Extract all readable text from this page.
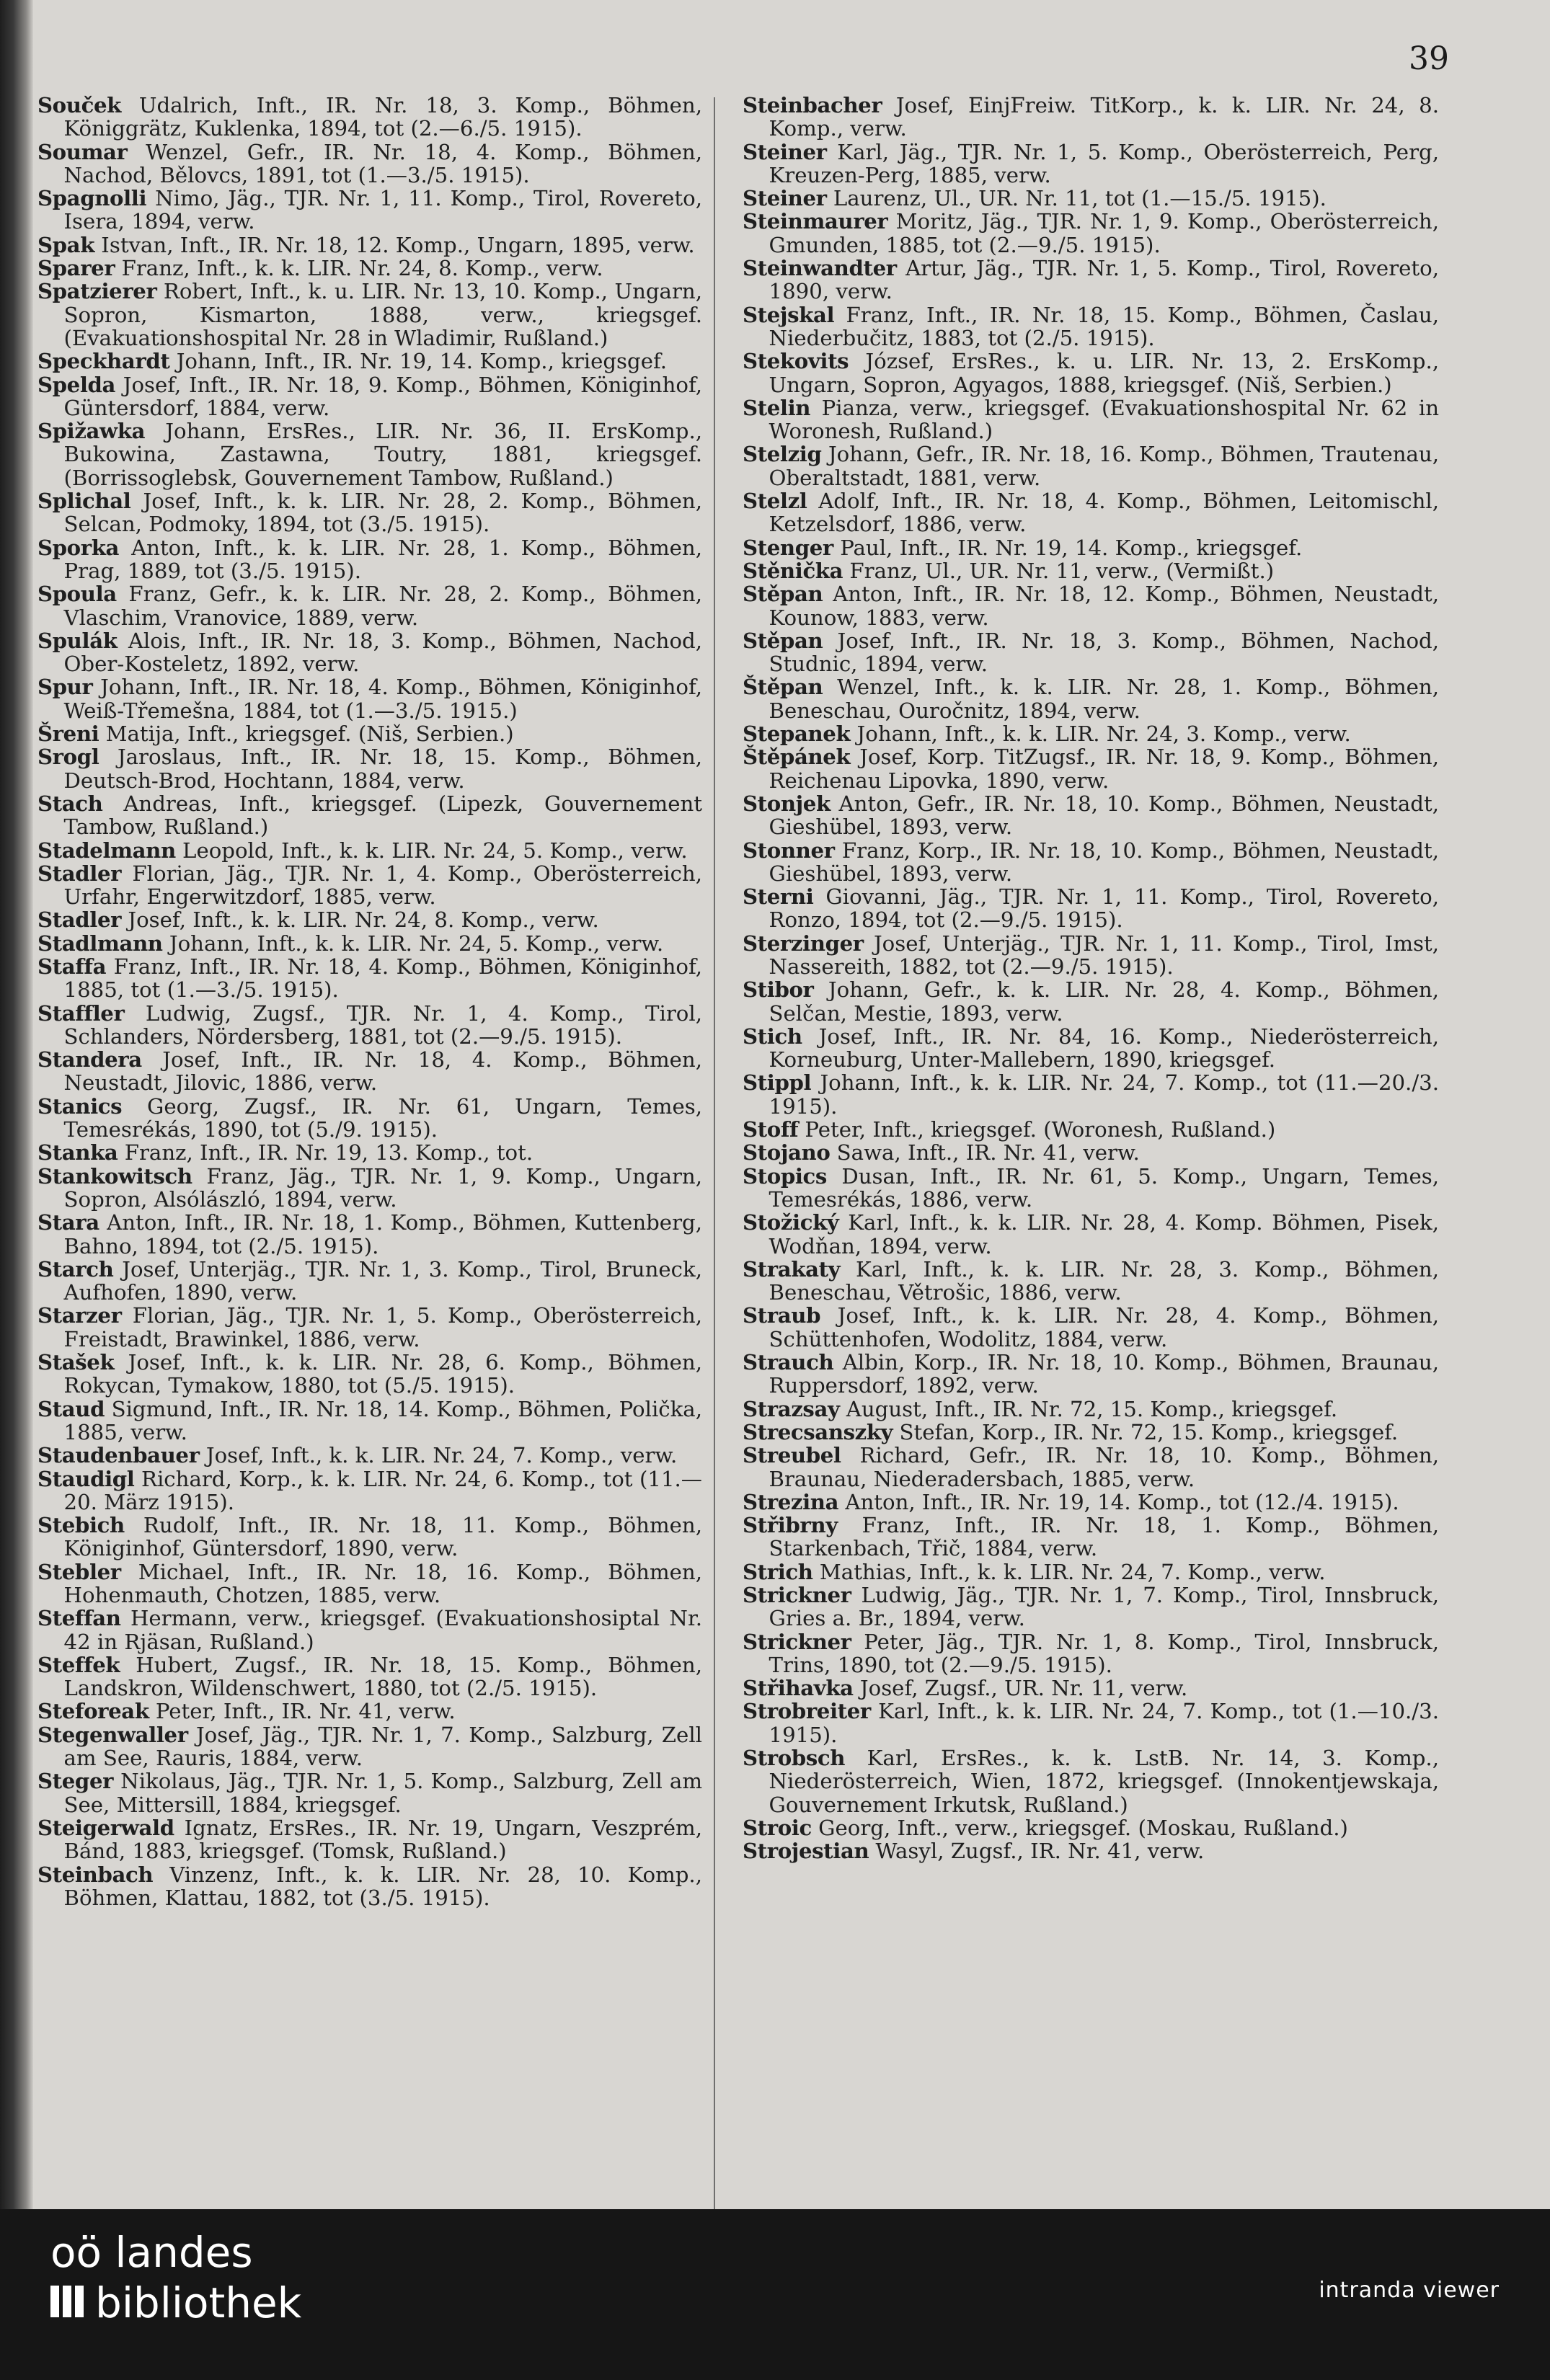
39
Souček Udalrich, Inft., IR. Nr. 18, 3. Komp., Böhmen, Königgrätz, Kuklenka, 1894, tot (2.—6./5. 1915).
Soumar Wenzel, Gefr., IR. Nr. 18, 4. Komp., Böhmen, Nachod, Bělovcs, 1891, tot (1.—3./5. 1915).
Spagnolli Nimo, Jäg., TJR. Nr. 1, 11. Komp., Tirol, Rovereto, Isera, 1894, verw.
Spak Istvan, Inft., IR. Nr. 18, 12. Komp., Ungarn, 1895, verw.
Sparer Franz, Inft., k. k. LIR. Nr. 24, 8. Komp., verw.
Spatzierer Robert, Inft., k. u. LIR. Nr. 13, 10. Komp., Ungarn, Sopron, Kismarton, 1888, verw., kriegsgef. (Evakuationshospital Nr. 28 in Wladimir, Rußland.)
Speckhardt Johann, Inft., IR. Nr. 19, 14. Komp., kriegsgef.
Spelda Josef, Inft., IR. Nr. 18, 9. Komp., Böhmen, Königinhof, Güntersdorf, 1884, verw.
Spižawka Johann, ErsRes., LIR. Nr. 36, II. ErsKomp., Bukowina, Zastawna, Toutry, 1881, kriegsgef. (Borrissoglebsk, Gouvernement Tambow, Rußland.)
Splichal Josef, Inft., k. k. LIR. Nr. 28, 2. Komp., Böhmen, Selcan, Podmoky, 1894, tot (3./5. 1915).
Sporka Anton, Inft., k. k. LIR. Nr. 28, 1. Komp., Böhmen, Prag, 1889, tot (3./5. 1915).
Spoula Franz, Gefr., k. k. LIR. Nr. 28, 2. Komp., Böhmen, Vlaschim, Vranovice, 1889, verw.
Spulák Alois, Inft., IR. Nr. 18, 3. Komp., Böhmen, Nachod, Ober-Kosteletz, 1892, verw.
Spur Johann, Inft., IR. Nr. 18, 4. Komp., Böhmen, Königinhof, Weiß-Třemešna, 1884, tot (1.—3./5. 1915.)
Šreni Matija, Inft., kriegsgef. (Niš, Serbien.)
Srogl Jaroslaus, Inft., IR. Nr. 18, 15. Komp., Böhmen, Deutsch-Brod, Hochtann, 1884, verw.
Stach Andreas, Inft., kriegsgef. (Lipezk, Gouvernement Tambow, Rußland.)
Stadelmann Leopold, Inft., k. k. LIR. Nr. 24, 5. Komp., verw.
Stadler Florian, Jäg., TJR. Nr. 1, 4. Komp., Oberösterreich, Urfahr, Engerwitzdorf, 1885, verw.
Stadler Josef, Inft., k. k. LIR. Nr. 24, 8. Komp., verw.
Stadlmann Johann, Inft., k. k. LIR. Nr. 24, 5. Komp., verw.
Staffa Franz, Inft., IR. Nr. 18, 4. Komp., Böhmen, Königinhof, 1885, tot (1.—3./5. 1915).
Staffler Ludwig, Zugsf., TJR. Nr. 1, 4. Komp., Tirol, Schlanders, Nördersberg, 1881, tot (2.—9./5. 1915).
Standera Josef, Inft., IR. Nr. 18, 4. Komp., Böhmen, Neustadt, Jilovic, 1886, verw.
Stanics Georg, Zugsf., IR. Nr. 61, Ungarn, Temes, Temesrékás, 1890, tot (5./9. 1915).
Stanka Franz, Inft., IR. Nr. 19, 13. Komp., tot.
Stankowitsch Franz, Jäg., TJR. Nr. 1, 9. Komp., Ungarn, Sopron, Alsólászló, 1894, verw.
Stara Anton, Inft., IR. Nr. 18, 1. Komp., Böhmen, Kuttenberg, Bahno, 1894, tot (2./5. 1915).
Starch Josef, Unterjäg., TJR. Nr. 1, 3. Komp., Tirol, Bruneck, Aufhofen, 1890, verw.
Starzer Florian, Jäg., TJR. Nr. 1, 5. Komp., Oberösterreich, Freistadt, Brawinkel, 1886, verw.
Stašek Josef, Inft., k. k. LIR. Nr. 28, 6. Komp., Böhmen, Rokycan, Tymakow, 1880, tot (5./5. 1915).
Staud Sigmund, Inft., IR. Nr. 18, 14. Komp., Böhmen, Polička, 1885, verw.
Staudenbauer Josef, Inft., k. k. LIR. Nr. 24, 7. Komp., verw.
Staudigl Richard, Korp., k. k. LIR. Nr. 24, 6. Komp., tot (11.—20. März 1915).
Stebich Rudolf, Inft., IR. Nr. 18, 11. Komp., Böhmen, Königinhof, Güntersdorf, 1890, verw.
Stebler Michael, Inft., IR. Nr. 18, 16. Komp., Böhmen, Hohenmauth, Chotzen, 1885, verw.
Steffan Hermann, verw., kriegsgef. (Evakuationshosiptal Nr. 42 in Rjäsan, Rußland.)
Steffek Hubert, Zugsf., IR. Nr. 18, 15. Komp., Böhmen, Landskron, Wildenschwert, 1880, tot (2./5. 1915).
Steforeak Peter, Inft., IR. Nr. 41, verw.
Stegenwaller Josef, Jäg., TJR. Nr. 1, 7. Komp., Salzburg, Zell am See, Rauris, 1884, verw.
Steger Nikolaus, Jäg., TJR. Nr. 1, 5. Komp., Salzburg, Zell am See, Mittersill, 1884, kriegsgef.
Steigerwald Ignatz, ErsRes., IR. Nr. 19, Ungarn, Veszprém, Bánd, 1883, kriegsgef. (Tomsk, Rußland.)
Steinbach Vinzenz, Inft., k. k. LIR. Nr. 28, 10. Komp., Böhmen, Klattau, 1882, tot (3./5. 1915).
Steinbacher Josef, EinjFreiw. TitKorp., k. k. LIR. Nr. 24, 8. Komp., verw.
Steiner Karl, Jäg., TJR. Nr. 1, 5. Komp., Oberösterreich, Perg, Kreuzen-Perg, 1885, verw.
Steiner Laurenz, Ul., UR. Nr. 11, tot (1.—15./5. 1915).
Steinmaurer Moritz, Jäg., TJR. Nr. 1, 9. Komp., Oberösterreich, Gmunden, 1885, tot (2.—9./5. 1915).
Steinwandter Artur, Jäg., TJR. Nr. 1, 5. Komp., Tirol, Rovereto, 1890, verw.
Stejskal Franz, Inft., IR. Nr. 18, 15. Komp., Böhmen, Časlau, Niederbučitz, 1883, tot (2./5. 1915).
Stekovits József, ErsRes., k. u. LIR. Nr. 13, 2. ErsKomp., Ungarn, Sopron, Agyagos, 1888, kriegsgef. (Niš, Serbien.)
Stelin Pianza, verw., kriegsgef. (Evakuationshospital Nr. 62 in Woronesh, Rußland.)
Stelzig Johann, Gefr., IR. Nr. 18, 16. Komp., Böhmen, Trautenau, Oberaltstadt, 1881, verw.
Stelzl Adolf, Inft., IR. Nr. 18, 4. Komp., Böhmen, Leitomischl, Ketzelsdorf, 1886, verw.
Stenger Paul, Inft., IR. Nr. 19, 14. Komp., kriegsgef.
Stěnička Franz, Ul., UR. Nr. 11, verw., (Vermißt.)
Stěpan Anton, Inft., IR. Nr. 18, 12. Komp., Böhmen, Neustadt, Kounow, 1883, verw.
Stěpan Josef, Inft., IR. Nr. 18, 3. Komp., Böhmen, Nachod, Studnic, 1894, verw.
Štěpan Wenzel, Inft., k. k. LIR. Nr. 28, 1. Komp., Böhmen, Beneschau, Ouročnitz, 1894, verw.
Stepanek Johann, Inft., k. k. LIR. Nr. 24, 3. Komp., verw.
Štěpánek Josef, Korp. TitZugsf., IR. Nr. 18, 9. Komp., Böhmen, Reichenau Lipovka, 1890, verw.
Stonjek Anton, Gefr., IR. Nr. 18, 10. Komp., Böhmen, Neustadt, Gieshübel, 1893, verw.
Stonner Franz, Korp., IR. Nr. 18, 10. Komp., Böhmen, Neustadt, Gieshübel, 1893, verw.
Sterni Giovanni, Jäg., TJR. Nr. 1, 11. Komp., Tirol, Rovereto, Ronzo, 1894, tot (2.—9./5. 1915).
Sterzinger Josef, Unterjäg., TJR. Nr. 1, 11. Komp., Tirol, Imst, Nassereith, 1882, tot (2.—9./5. 1915).
Stibor Johann, Gefr., k. k. LIR. Nr. 28, 4. Komp., Böhmen, Selčan, Mestie, 1893, verw.
Stich Josef, Inft., IR. Nr. 84, 16. Komp., Niederösterreich, Korneuburg, Unter-Mallebern, 1890, kriegsgef.
Stippl Johann, Inft., k. k. LIR. Nr. 24, 7. Komp., tot (11.—20./3. 1915).
Stoff Peter, Inft., kriegsgef. (Woronesh, Rußland.)
Stojano Sawa, Inft., IR. Nr. 41, verw.
Stopics Dusan, Inft., IR. Nr. 61, 5. Komp., Ungarn, Temes, Temesrékás, 1886, verw.
Stožický Karl, Inft., k. k. LIR. Nr. 28, 4. Komp. Böhmen, Pisek, Wodňan, 1894, verw.
Strakaty Karl, Inft., k. k. LIR. Nr. 28, 3. Komp., Böhmen, Beneschau, Větrošic, 1886, verw.
Straub Josef, Inft., k. k. LIR. Nr. 28, 4. Komp., Böhmen, Schüttenhofen, Wodolitz, 1884, verw.
Strauch Albin, Korp., IR. Nr. 18, 10. Komp., Böhmen, Braunau, Ruppersdorf, 1892, verw.
Strazsay August, Inft., IR. Nr. 72, 15. Komp., kriegsgef.
Strecsanszky Stefan, Korp., IR. Nr. 72, 15. Komp., kriegsgef.
Streubel Richard, Gefr., IR. Nr. 18, 10. Komp., Böhmen, Braunau, Niederadersbach, 1885, verw.
Strezina Anton, Inft., IR. Nr. 19, 14. Komp., tot (12./4. 1915).
Střibrny Franz, Inft., IR. Nr. 18, 1. Komp., Böhmen, Starkenbach, Třič, 1884, verw.
Strich Mathias, Inft., k. k. LIR. Nr. 24, 7. Komp., verw.
Strickner Ludwig, Jäg., TJR. Nr. 1, 7. Komp., Tirol, Innsbruck, Gries a. Br., 1894, verw.
Strickner Peter, Jäg., TJR. Nr. 1, 8. Komp., Tirol, Innsbruck, Trins, 1890, tot (2.—9./5. 1915).
Střihavka Josef, Zugsf., UR. Nr. 11, verw.
Strobreiter Karl, Inft., k. k. LIR. Nr. 24, 7. Komp., tot (1.—10./3. 1915).
Strobsch Karl, ErsRes., k. k. LstB. Nr. 14, 3. Komp., Niederösterreich, Wien, 1872, kriegsgef. (Innokentjewskaja, Gouvernement Irkutsk, Rußland.)
Stroic Georg, Inft., verw., kriegsgef. (Moskau, Rußland.)
Strojestian Wasyl, Zugsf., IR. Nr. 41, verw.
oö landes
bibliothek	intranda viewer
